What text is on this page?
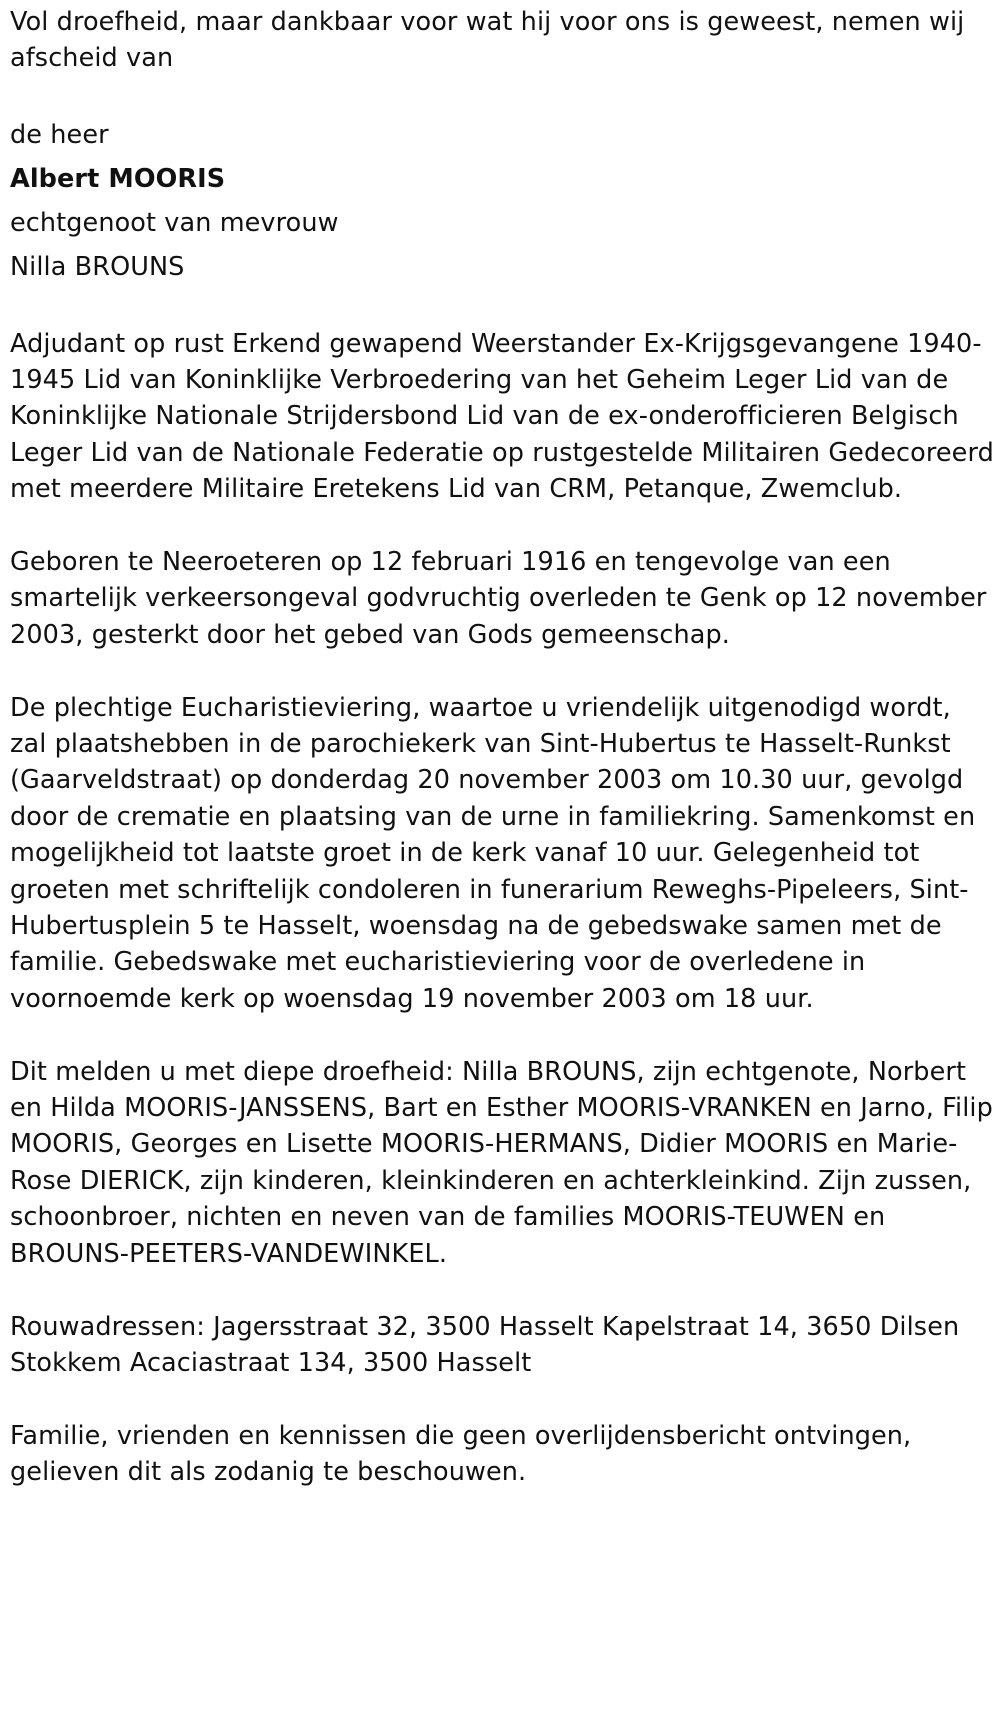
Vol droefheid, maar dankbaar voor wat hij voor ons is geweest, nemen wij afscheid van

de heer
Albert MOORIS
echtgenoot van mevrouw
Nilla BROUNS

Adjudant op rust Erkend gewapend Weerstander Ex-Krijgsgevangene 1940-1945 Lid van Koninklijke Verbroedering van het Geheim Leger Lid van de Koninklijke Nationale Strijdersbond Lid van de ex-onderofficieren Belgisch Leger Lid van de Nationale Federatie op rustgestelde Militairen Gedecoreerd met meerdere Militaire Eretekens Lid van CRM, Petanque, Zwemclub.

Geboren te Neeroeteren op 12 februari 1916 en tengevolge van een smartelijk verkeersongeval godvruchtig overleden te Genk op 12 november 2003, gesterkt door het gebed van Gods gemeenschap.

De plechtige Eucharistieviering, waartoe u vriendelijk uitgenodigd wordt, zal plaatshebben in de parochiekerk van Sint-Hubertus te Hasselt-Runkst (Gaarveldstraat) op donderdag 20 november 2003 om 10.30 uur, gevolgd door de crematie en plaatsing van de urne in familiekring. Samenkomst en mogelijkheid tot laatste groet in de kerk vanaf 10 uur. Gelegenheid tot groeten met schriftelijk condoleren in funerarium Reweghs-Pipeleers, Sint-Hubertusplein 5 te Hasselt, woensdag na de gebedswake samen met de familie. Gebedswake met eucharistieviering voor de overledene in voornoemde kerk op woensdag 19 november 2003 om 18 uur.

Dit melden u met diepe droefheid: Nilla BROUNS, zijn echtgenote, Norbert en Hilda MOORIS-JANSSENS, Bart en Esther MOORIS-VRANKEN en Jarno, Filip MOORIS, Georges en Lisette MOORIS-HERMANS, Didier MOORIS en Marie-Rose DIERICK, zijn kinderen, kleinkinderen en achterkleinkind. Zijn zussen, schoonbroer, nichten en neven van de families MOORIS-TEUWEN en BROUNS-PEETERS-VANDEWINKEL.

Rouwadressen: Jagersstraat 32, 3500 Hasselt Kapelstraat 14, 3650 Dilsen Stokkem Acaciastraat 134, 3500 Hasselt

Familie, vrienden en kennissen die geen overlijdensbericht ontvingen, gelieven dit als zodanig te beschouwen.
